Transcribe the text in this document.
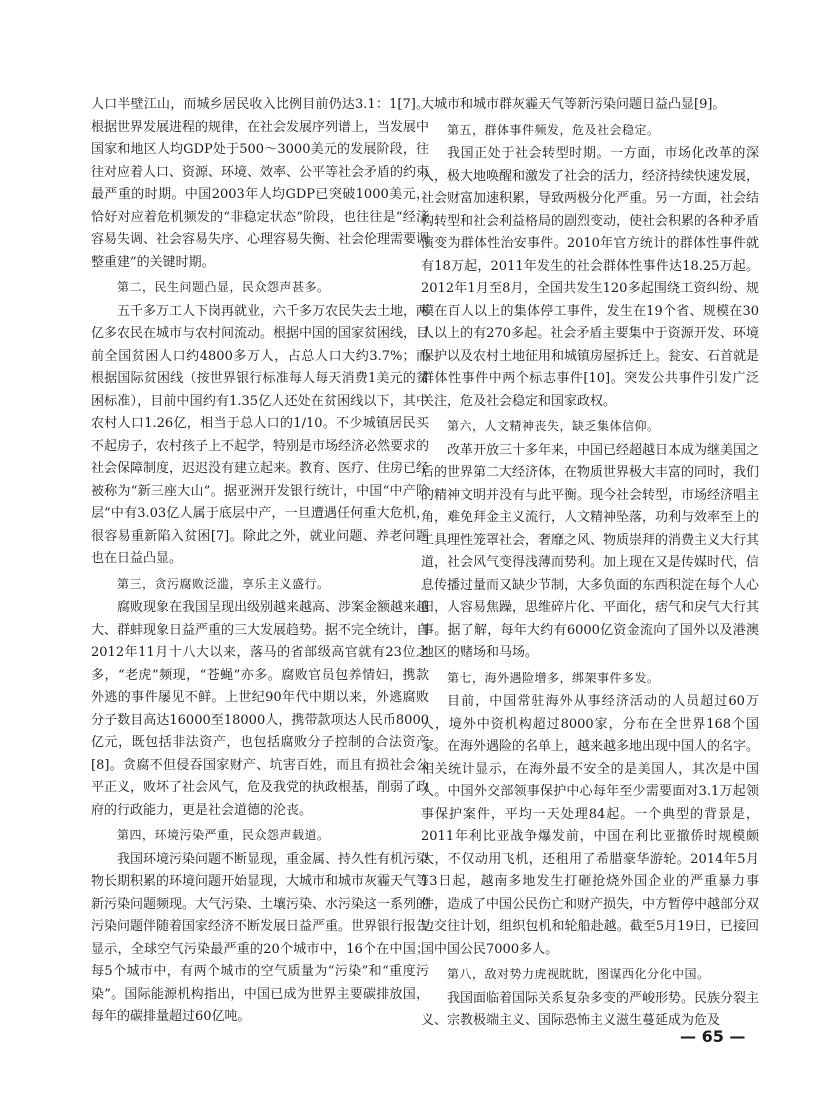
人口半壁江山，而城乡居民收入比例目前仍达3.1：1[7]。根据世界发展进程的规律，在社会发展序列谱上，当发展中国家和地区人均GDP处于500～3000美元的发展阶段，往往对应着人口、资源、环境、效率、公平等社会矛盾的约束最严重的时期。中国2003年人均GDP已突破1000美元，恰好对应着危机频发的“非稳定状态”阶段，也往往是“经济容易失调、社会容易失序、心理容易失衡、社会伦理需要调整重建”的关键时期。

第二，民生问题凸显，民众怨声甚多。

五千多万工人下岗再就业，六千多万农民失去土地，两亿多农民在城市与农村间流动。根据中国的国家贫困线，目前全国贫困人口约4800多万人，占总人口大约3.7%；而根据国际贫困线（按世界银行标准每人每天消费1美元的贫困标准），目前中国约有1.35亿人还处在贫困线以下，其中农村人口1.26亿，相当于总人口的1/10。不少城镇居民买不起房子，农村孩子上不起学，特别是市场经济必然要求的社会保障制度，迟迟没有建立起来。教育、医疗、住房已经被称为“新三座大山”。据亚洲开发银行统计，中国“中产阶层”中有3.03亿人属于底层中产，一旦遭遇任何重大危机，很容易重新陷入贫困[7]。除此之外，就业问题、养老问题也在日益凸显。

第三，贪污腐败泛滥，享乐主义盛行。

腐败现象在我国呈现出级别越来越高、涉案金额越来越大、群蚌现象日益严重的三大发展趋势。据不完全统计，自2012年11月十八大以来，落马的省部级高官就有23位之多，“老虎”频现，“苍蝇”亦多。腐败官员包养情妇，携款外逃的事件屡见不鲜。上世纪90年代中期以来，外逃腐败分子数目高达16000至18000人，携带款项达人民币8000亿元，既包括非法资产，也包括腐败分子控制的合法资产[8]。贪腐不但侵吞国家财产、坑害百姓，而且有损社会公平正义，败坏了社会风气，危及我党的执政根基，削弱了政府的行政能力，更是社会道德的沦丧。

第四，环境污染严重，民众怨声载道。

我国环境污染问题不断显现，重金属、持久性有机污染物长期积累的环境问题开始显现，大城市和城市灰霾天气等新污染问题频现。大气污染、土壤污染、水污染这一系列的污染问题伴随着国家经济不断发展日益严重。世界银行报告显示，全球空气污染最严重的20个城市中，16个在中国；每5个城市中，有两个城市的空气质量为“污染”和“重度污染”。国际能源机构指出，中国已成为世界主要碳排放国，每年的碳排量超过60亿吨。

大城市和城市群灰霾天气等新污染问题日益凸显[9]。

第五，群体事件频发，危及社会稳定。

我国正处于社会转型时期。一方面，市场化改革的深入，极大地唤醒和激发了社会的活力，经济持续快速发展，社会财富加速积累，导致两极分化严重。另一方面，社会结构转型和社会利益格局的剧烈变动，使社会积累的各种矛盾演变为群体性治安事件。2010年官方统计的群体性事件就有18万起，2011年发生的社会群体性事件达18.25万起。2012年1月至8月，全国共发生120多起围绕工资纠纷、规模在百人以上的集体停工事件，发生在19个省、规模在30人以上的有270多起。社会矛盾主要集中于资源开发、环境保护以及农村土地征用和城镇房屋拆迁上。瓮安、石首就是群体性事件中两个标志事件[10]。突发公共事件引发广泛关注，危及社会稳定和国家政权。

第六，人文精神丧失，缺乏集体信仰。

改革开放三十多年来，中国已经超越日本成为继美国之后的世界第二大经济体，在物质世界极大丰富的同时，我们的精神文明并没有与此平衡。现今社会转型，市场经济唱主角，难免拜金主义流行，人文精神坠落，功利与效率至上的工具理性笼罩社会，奢靡之风、物质崇拜的消费主义大行其道，社会风气变得浅薄而势利。加上现在又是传媒时代，信息传播过量而又缺少节制，大多负面的东西积淀在每个人心田，人容易焦躁，思维碎片化、平面化，痞气和戾气大行其事。据了解，每年大约有6000亿资金流向了国外以及港澳地区的赌场和马场。

第七，海外遇险增多，绑架事件多发。

目前，中国常驻海外从事经济活动的人员超过60万人，境外中资机构超过8000家，分布在全世界168个国家。在海外遇险的名单上，越来越多地出现中国人的名字。相关统计显示，在海外最不安全的是美国人，其次是中国人。中国外交部领事保护中心每年至少需要面对3.1万起领事保护案件，平均一天处理84起。一个典型的背景是，2011年利比亚战争爆发前，中国在利比亚撤侨时规模颇大，不仅动用飞机，还租用了希腊豪华游轮。2014年5月13日起，越南多地发生打砸抢烧外国企业的严重暴力事件，造成了中国公民伤亡和财产损失，中方暂停中越部分双边交往计划，组织包机和轮船赴越。截至5月19日，已接回国中国公民7000多人。

第八，敌对势力虎视眈眈，图谋西化分化中国。

我国面临着国际关系复杂多变的严峻形势。民族分裂主义、宗教极端主义、国际恐怖主义滋生蔓延成为危及

— 65 —
